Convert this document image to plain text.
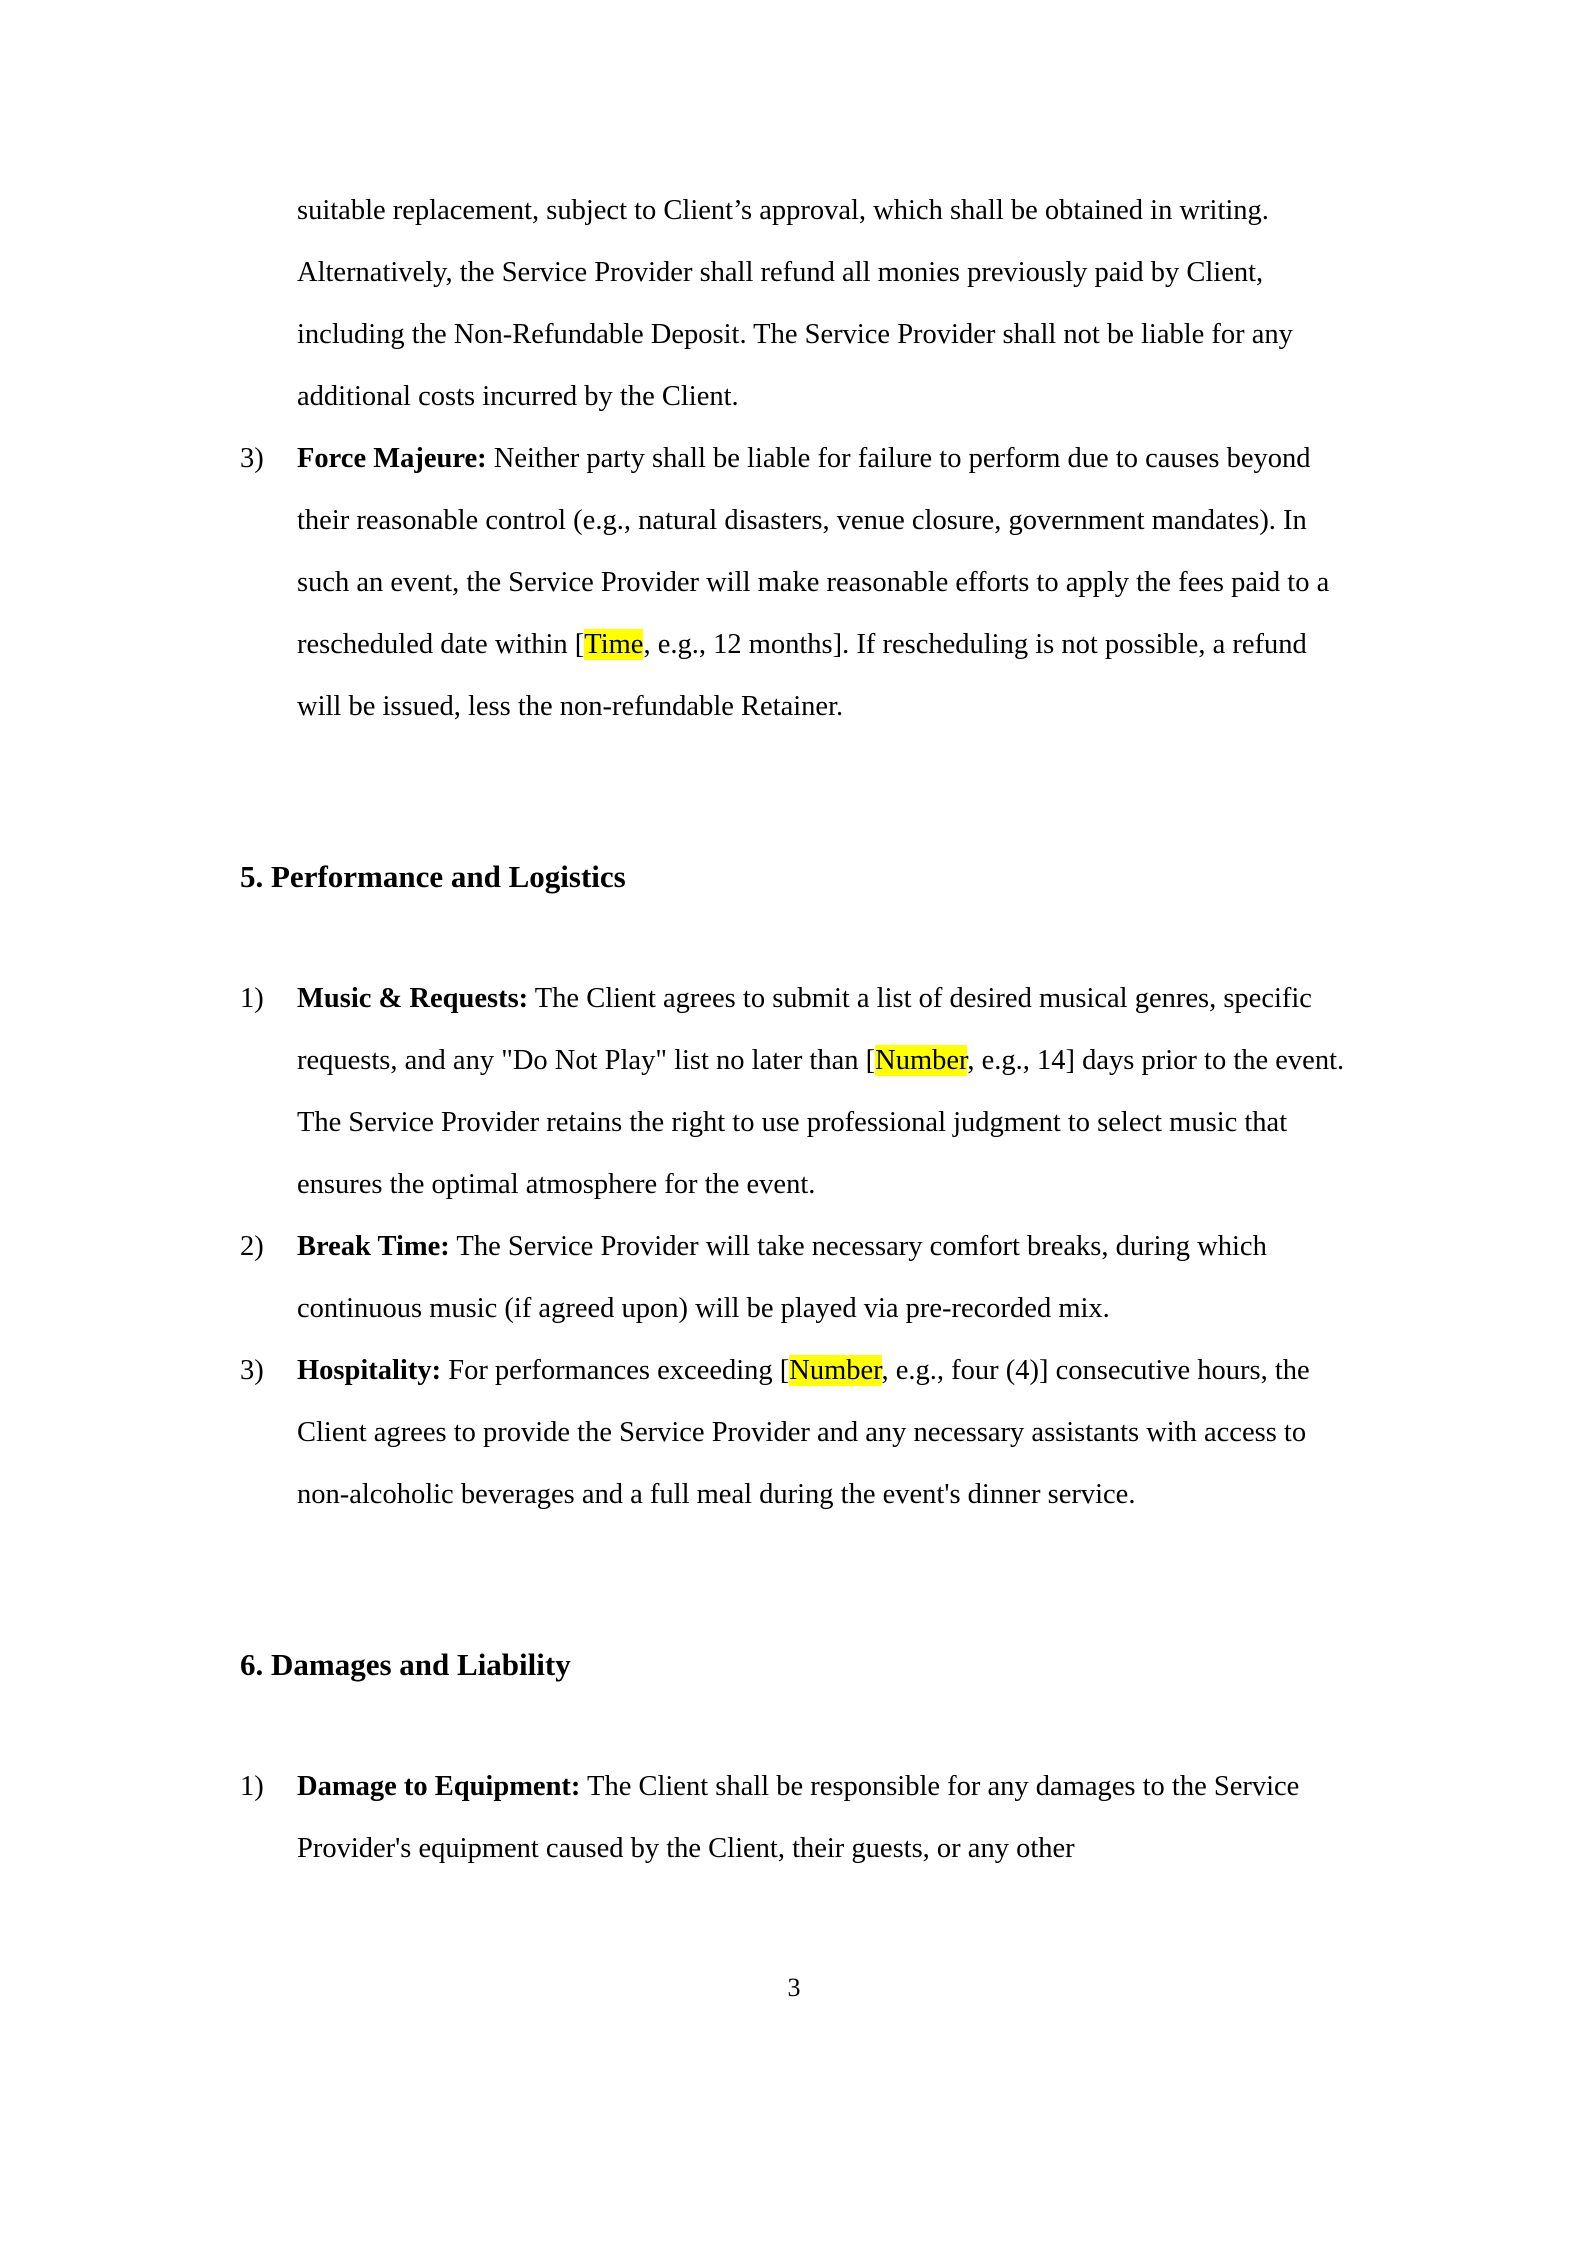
suitable replacement, subject to Client’s approval, which shall be obtained in writing. Alternatively, the Service Provider shall refund all monies previously paid by Client, including the Non-Refundable Deposit. The Service Provider shall not be liable for any additional costs incurred by the Client.

3)	Force Majeure: Neither party shall be liable for failure to perform due to causes beyond their reasonable control (e.g., natural disasters, venue closure, government mandates). In such an event, the Service Provider will make reasonable efforts to apply the fees paid to a rescheduled date within [Time, e.g., 12 months]. If rescheduling is not possible, a refund will be issued, less the non-refundable Retainer.
5. Performance and Logistics
1)	Music & Requests: The Client agrees to submit a list of desired musical genres, specific requests, and any "Do Not Play" list no later than [Number, e.g., 14] days prior to the event. The Service Provider retains the right to use professional judgment to select music that ensures the optimal atmosphere for the event.
2)	Break Time: The Service Provider will take necessary comfort breaks, during which continuous music (if agreed upon) will be played via pre-recorded mix.
3)	Hospitality: For performances exceeding [Number, e.g., four (4)] consecutive hours, the Client agrees to provide the Service Provider and any necessary assistants with access to non-alcoholic beverages and a full meal during the event's dinner service.
6. Damages and Liability
1)	Damage to Equipment: The Client shall be responsible for any damages to the Service Provider's equipment caused by the Client, their guests, or any other
3
